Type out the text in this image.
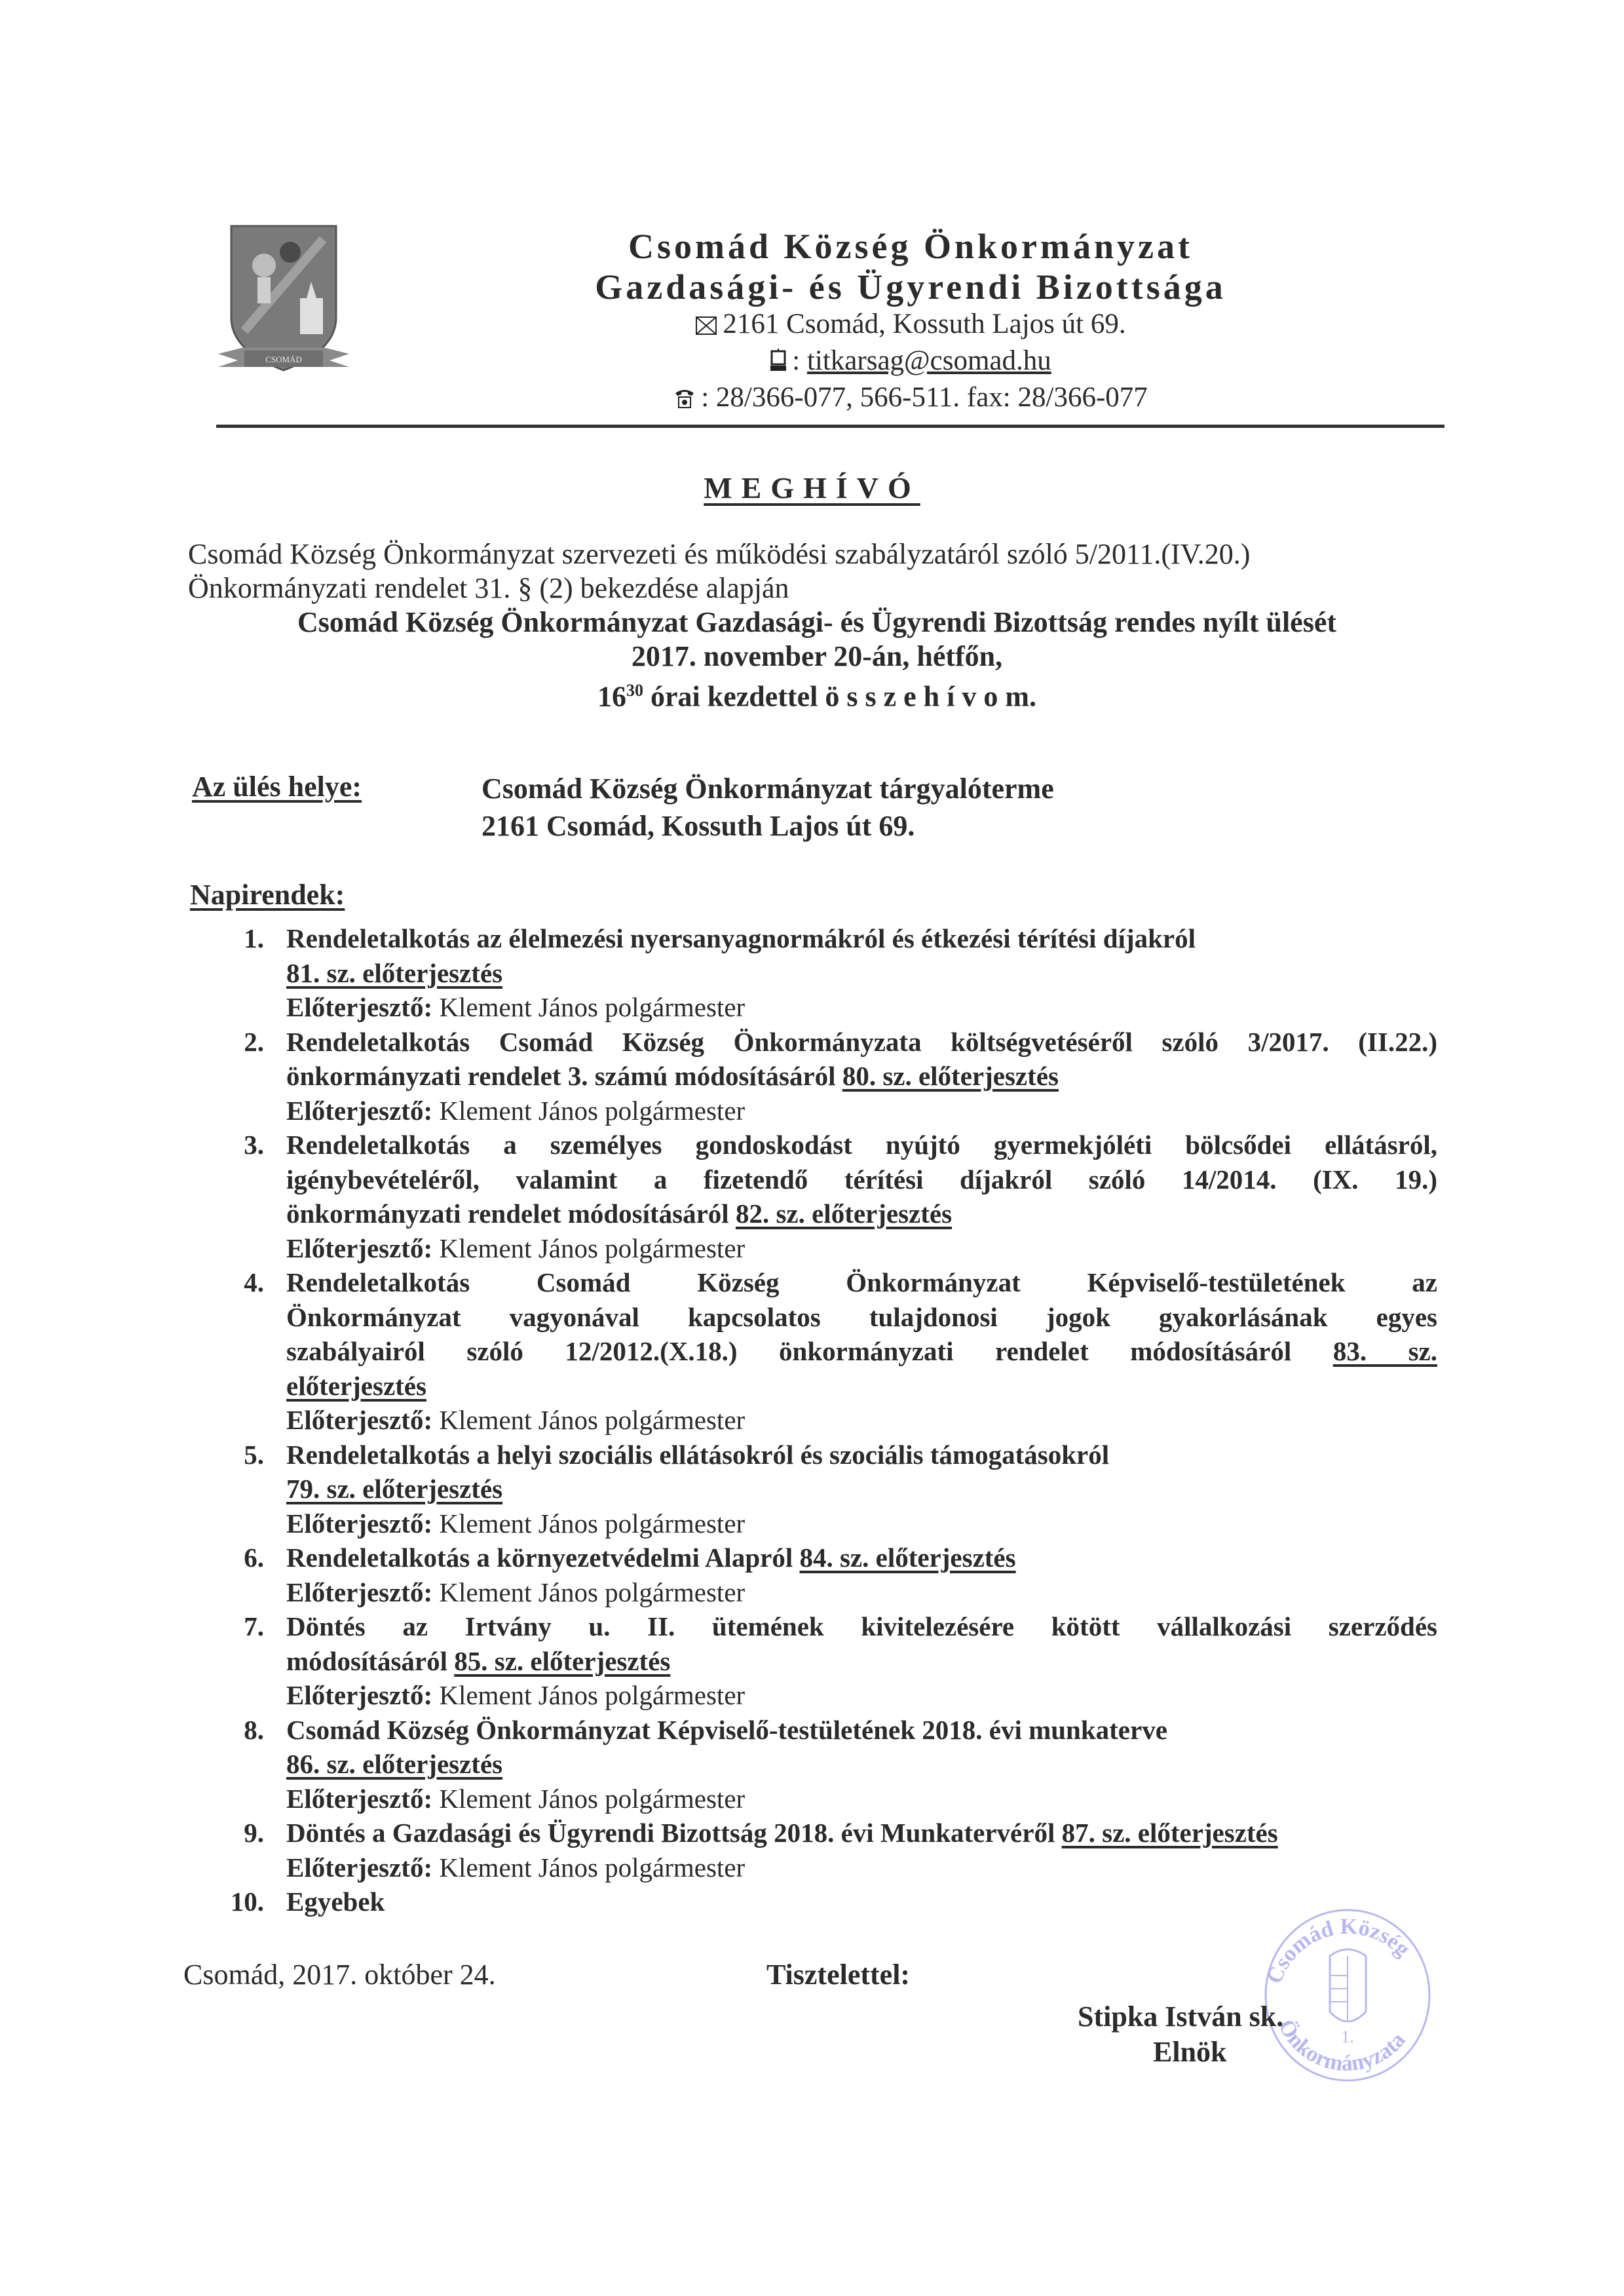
CSOMÁD
Csomád Község Önkormányzat
Gazdasági- és Ügyrendi Bizottsága
2161 Csomád, Kossuth Lajos út 69.
: titkarsag@csomad.hu
: 28/366-077, 566-511. fax: 28/366-077
MEGHÍVÓ
Csomád Község Önkormányzat szervezeti és működési szabályzatáról szóló 5/2011.(IV.20.)
Önkormányzati rendelet 31. § (2) bekezdése alapján
Csomád Község Önkormányzat Gazdasági- és Ügyrendi Bizottság rendes nyílt ülését
2017. november 20-án, hétfőn,
$16^{30}$ órai kezdettel ö s s z e h í v o m.
Az ülés helye:	Csomád Község Önkormányzat tárgyalóterme
2161 Csomád, Kossuth Lajos út 69.
Napirendek:
1. Rendeletalkotás az élelmezési nyersanyagnormákról és étkezési térítési díjakról
81. sz. előterjesztés
Előterjesztő: Klement János polgármester
2. Rendeletalkotás Csomád Község Önkormányzata költségvetéséről szóló 3/2017. (II.22.)
önkormányzati rendelet 3. számú módosításáról 80. sz. előterjesztés
Előterjesztő: Klement János polgármester
3. Rendeletalkotás a személyes gondoskodást nyújtó gyermekjóléti bölcsődei ellátásról,
igénybevételéről, valamint a fizetendő térítési díjakról szóló 14/2014. (IX. 19.)
önkormányzati rendelet módosításáról 82. sz. előterjesztés
Előterjesztő: Klement János polgármester
4. Rendeletalkotás Csomád Község Önkormányzat Képviselő-testületének az
Önkormányzat vagyonával kapcsolatos tulajdonosi jogok gyakorlásának egyes
szabályairól szóló 12/2012.(X.18.) önkormányzati rendelet módosításáról 83. sz.
előterjesztés
Előterjesztő: Klement János polgármester
5. Rendeletalkotás a helyi szociális ellátásokról és szociális támogatásokról
79. sz. előterjesztés
Előterjesztő: Klement János polgármester
6. Rendeletalkotás a környezetvédelmi Alapról 84. sz. előterjesztés
Előterjesztő: Klement János polgármester
7. Döntés az Irtvány u. II. ütemének kivitelezésére kötött vállalkozási szerződés
módosításáról 85. sz. előterjesztés
Előterjesztő: Klement János polgármester
8. Csomád Község Önkormányzat Képviselő-testületének 2018. évi munkaterve
86. sz. előterjesztés
Előterjesztő: Klement János polgármester
9. Döntés a Gazdasági és Ügyrendi Bizottság 2018. évi Munkatervéről 87. sz. előterjesztés
Előterjesztő: Klement János polgármester
10. Egyebek
Csomád, 2017. október 24.	Tisztelettel:	Csomád Község
Önkormányzata
1.
Stipka István sk.
Elnök
